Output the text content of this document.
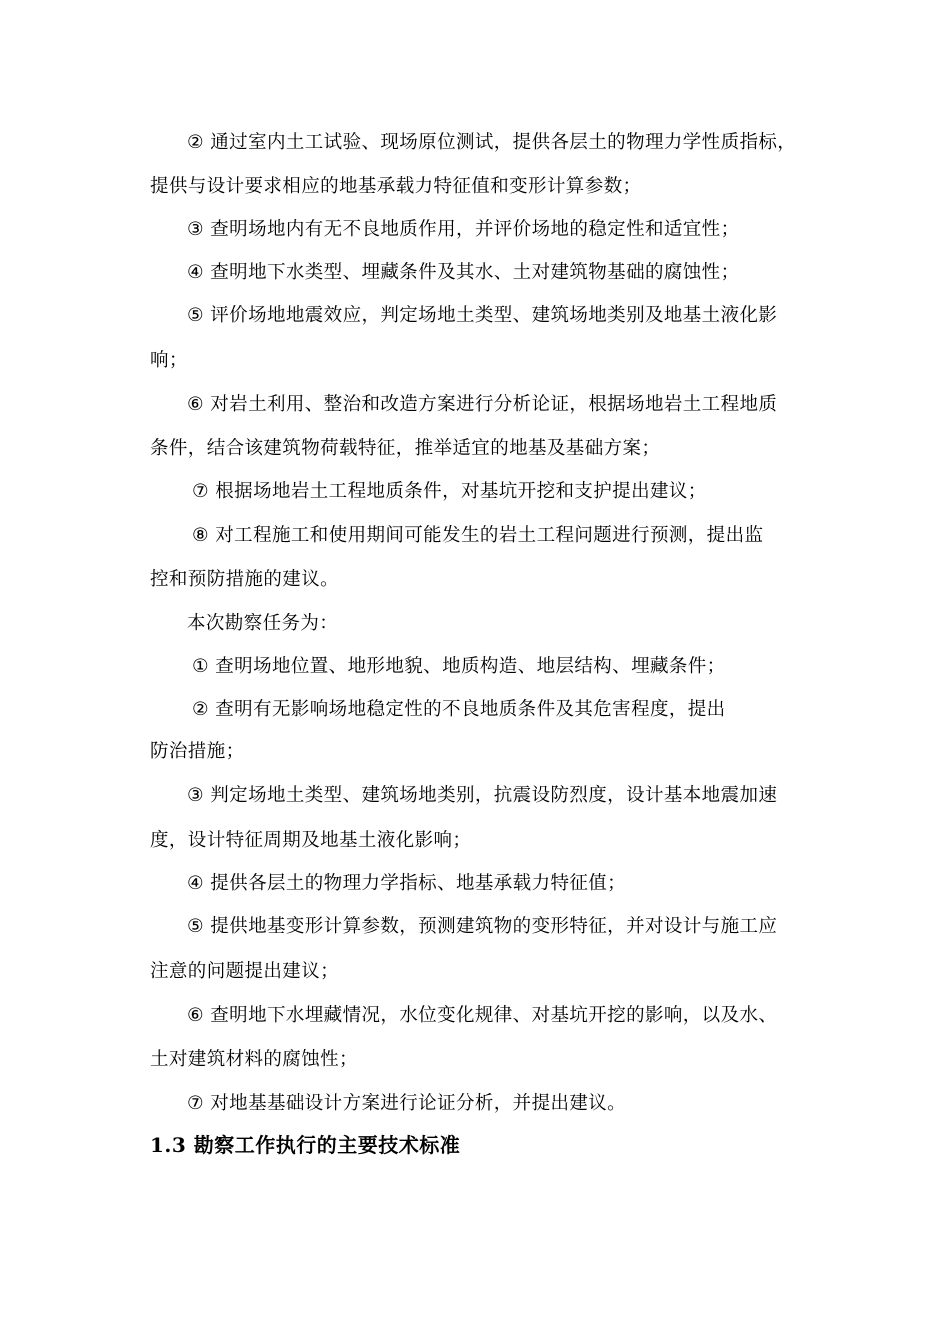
② 通过室内土工试验、现场原位测试，提供各层土的物理力学性质指标，
提供与设计要求相应的地基承载力特征值和变形计算参数；
③ 查明场地内有无不良地质作用，并评价场地的稳定性和适宜性；
④ 查明地下水类型、埋藏条件及其水、土对建筑物基础的腐蚀性；
⑤ 评价场地地震效应，判定场地土类型、建筑场地类别及地基土液化影
响；
⑥ 对岩土利用、整治和改造方案进行分析论证，根据场地岩土工程地质
条件，结合该建筑物荷载特征，推举适宜的地基及基础方案；
⑦ 根据场地岩土工程地质条件，对基坑开挖和支护提出建议；
⑧ 对工程施工和使用期间可能发生的岩土工程问题进行预测，提出监
控和预防措施的建议。
本次勘察任务为：
① 查明场地位置、地形地貌、地质构造、地层结构、埋藏条件；
② 查明有无影响场地稳定性的不良地质条件及其危害程度，提出
防治措施；
③ 判定场地土类型、建筑场地类别，抗震设防烈度，设计基本地震加速
度，设计特征周期及地基土液化影响；
④ 提供各层土的物理力学指标、地基承载力特征值；
⑤ 提供地基变形计算参数，预测建筑物的变形特征，并对设计与施工应
注意的问题提出建议；
⑥ 查明地下水埋藏情况，水位变化规律、对基坑开挖的影响，以及水、
土对建筑材料的腐蚀性；
⑦ 对地基基础设计方案进行论证分析，并提出建议。
1.3 勘察工作执行的主要技术标准
